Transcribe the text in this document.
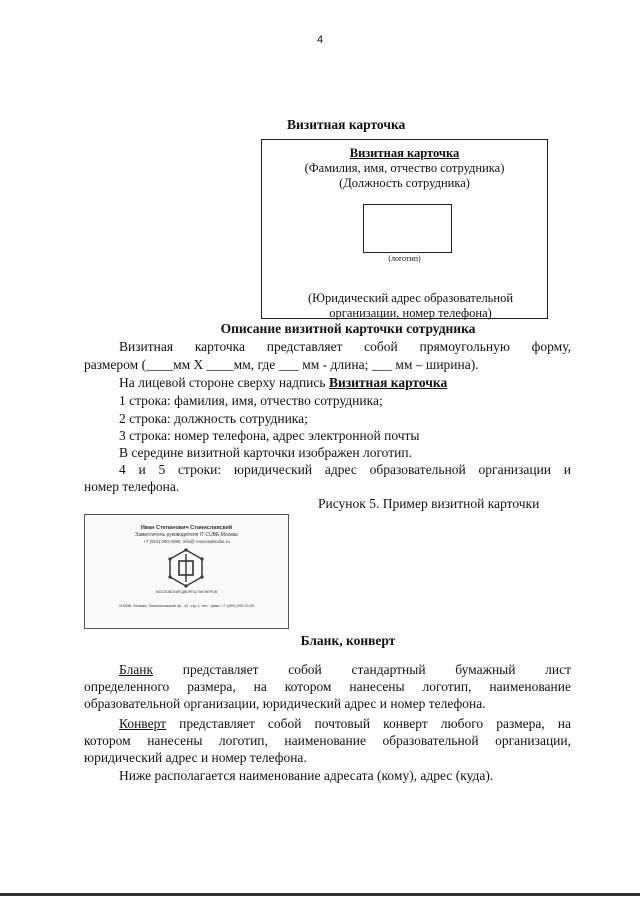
4
Визитная карточка
Визитная карточка
(Фамилия, имя, отчество сотрудника)
(Должность сотрудника)
(логотип)
(Юридический адрес образовательной
организации, номер телефона)
Описание визитной карточки сотрудника
Визитная карточка представляет собой прямоугольную форму,
размером (____мм Х ____мм, где ___ мм - длина; ___ мм – ширина).
На лицевой стороне сверху надпись Визитная карточка
1 строка: фамилия, имя, отчество сотрудника;
2 строка: должность сотрудника;
3 строка: номер телефона, адрес электронной почты
В середине визитной карточки изображен логотип.
4 и 5 строки: юридический адрес образовательной организации и
номер телефона.
Рисунок 5. Пример визитной карточки
Иван Степанович Станиславский
Заместитель руководителя IT-CUBE.Москва
+7 (915) 000-3390, info@ moscowitcube.ru
МОСКОВСКИЙ ДВОРЕЦ ПИОНЕРОВ
119296, Москва, Ломоносовский пр., 42, стр.1, тел.: факс: +7 (499) 000-00-00
Бланк, конверт
Бланк представляет собой стандартный бумажный лист
определенного размера, на котором нанесены логотип, наименование
образовательной организации, юридический адрес и номер телефона.
Конверт представляет собой почтовый конверт любого размера, на
котором нанесены логотип, наименование образовательной организации,
юридический адрес и номер телефона.
Ниже располагается наименование адресата (кому), адрес (куда).
